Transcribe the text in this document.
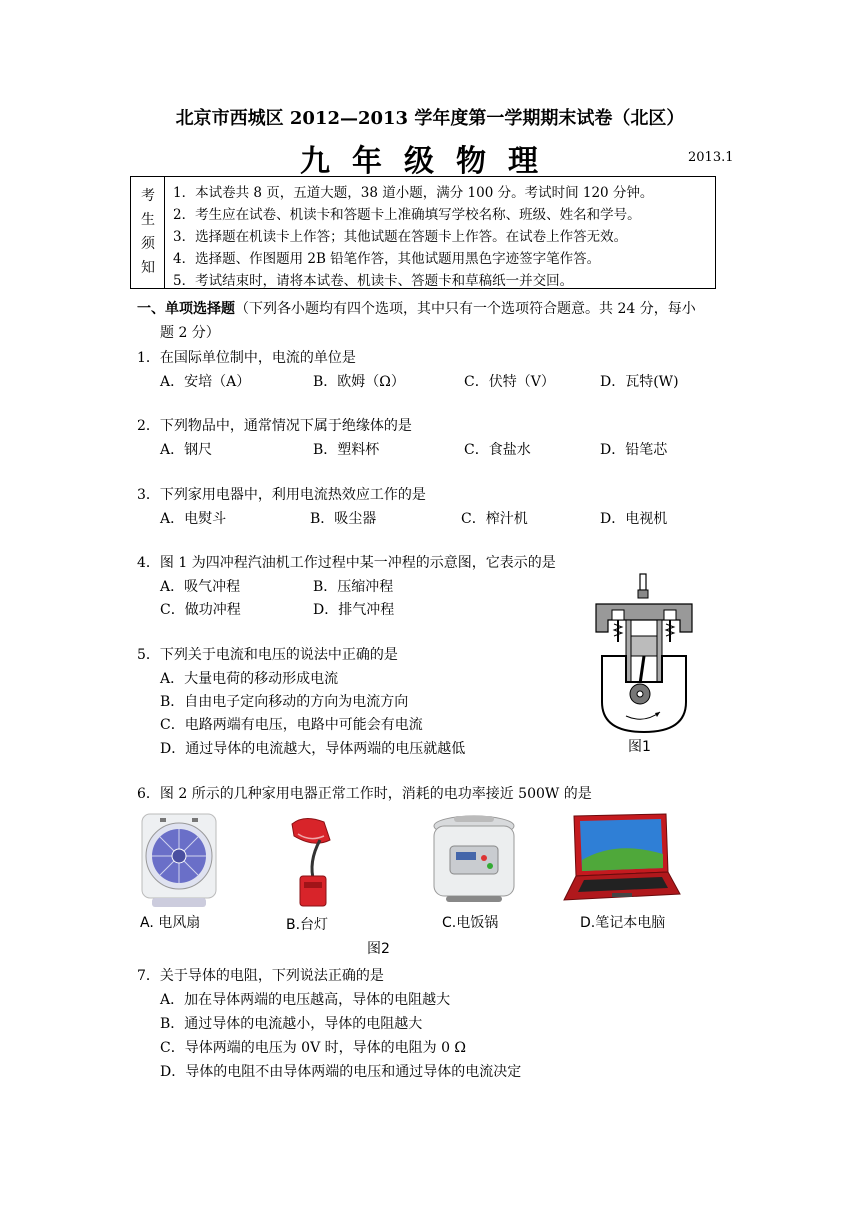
北京市西城区 2012—2013 学年度第一学期期末试卷（北区）
九年级物理	2013.1
考
生
须
知
1．本试卷共 8 页，五道大题，38 道小题，满分 100 分。考试时间 120 分钟。
2．考生应在试卷、机读卡和答题卡上准确填写学校名称、班级、姓名和学号。
3．选择题在机读卡上作答；其他试题在答题卡上作答。在试卷上作答无效。
4．选择题、作图题用 2B 铅笔作答，其他试题用黑色字迹签字笔作答。
5．考试结束时，请将本试卷、机读卡、答题卡和草稿纸一并交回。
一、单项选择题（下列各小题均有四个选项，其中只有一个选项符合题意。共 24 分，每小
题 2 分）
1．在国际单位制中，电流的单位是
A．安培（A）	B．欧姆（Ω）	C．伏特（V）	D．瓦特(W)
2．下列物品中，通常情况下属于绝缘体的是
A．钢尺	B．塑料杯	C．食盐水	D．铅笔芯
3．下列家用电器中，利用电流热效应工作的是
A．电熨斗	B．吸尘器	C．榨汁机	D．电视机
4．图 1 为四冲程汽油机工作过程中某一冲程的示意图，它表示的是
A．吸气冲程	B．压缩冲程
C．做功冲程	D．排气冲程
图1
5．下列关于电流和电压的说法中正确的是
A．大量电荷的移动形成电流
B．自由电子定向移动的方向为电流方向
C．电路两端有电压，电路中可能会有电流
D．通过导体的电流越大，导体两端的电压就越低
6．图 2 所示的几种家用电器正常工作时，消耗的电功率接近 500W 的是
A. 电风扇	B.台灯	C.电饭锅	D.笔记本电脑
图2
7．关于导体的电阻，下列说法正确的是
A．加在导体两端的电压越高，导体的电阻越大
B．通过导体的电流越小，导体的电阻越大
C．导体两端的电压为 0V 时，导体的电阻为 0 Ω
D．导体的电阻不由导体两端的电压和通过导体的电流决定
